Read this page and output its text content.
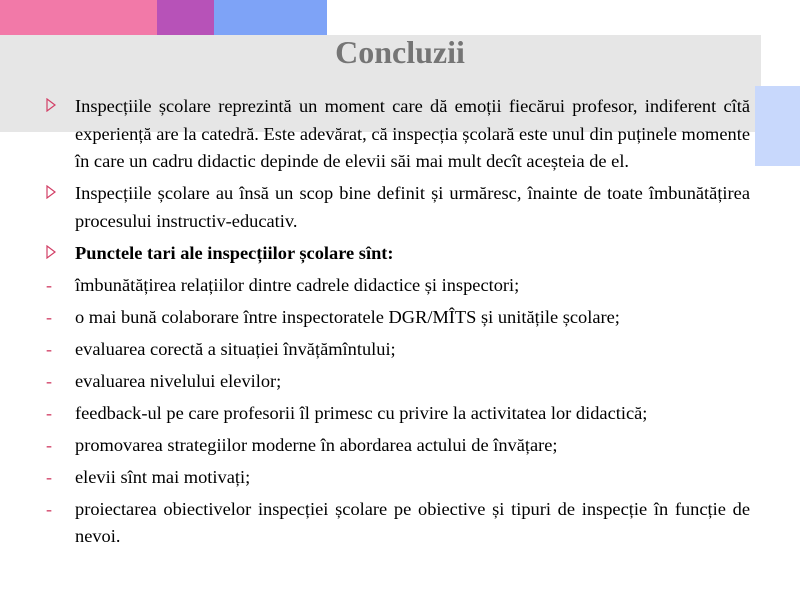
Concluzii
Inspecțiile școlare reprezintă un moment care dă emoții fiecărui profesor, indiferent cîtă experiență are la catedră. Este adevărat, că inspecția școlară este unul din puținele momente în care un cadru didactic depinde de elevii săi mai mult decît aceșteia de el.
Inspecțiile școlare au însă un scop bine definit și urmăresc, înainte de toate îmbunătățirea procesului instructiv-educativ.
Punctele tari ale inspecțiilor școlare sînt:
-	îmbunătățirea relațiilor dintre cadrele didactice și inspectori;
-	o mai bună colaborare între inspectoratele DGR/MÎTS și unitățile școlare;
-	evaluarea corectă a situației învățămîntului;
-	evaluarea nivelului elevilor;
-	feedback-ul pe care profesorii îl primesc cu privire la activitatea lor didactică;
-	promovarea strategiilor moderne în abordarea actului de învățare;
-	elevii sînt mai motivați;
-	proiectarea obiectivelor inspecției școlare pe obiective și tipuri de inspecție în funcție de nevoi.
